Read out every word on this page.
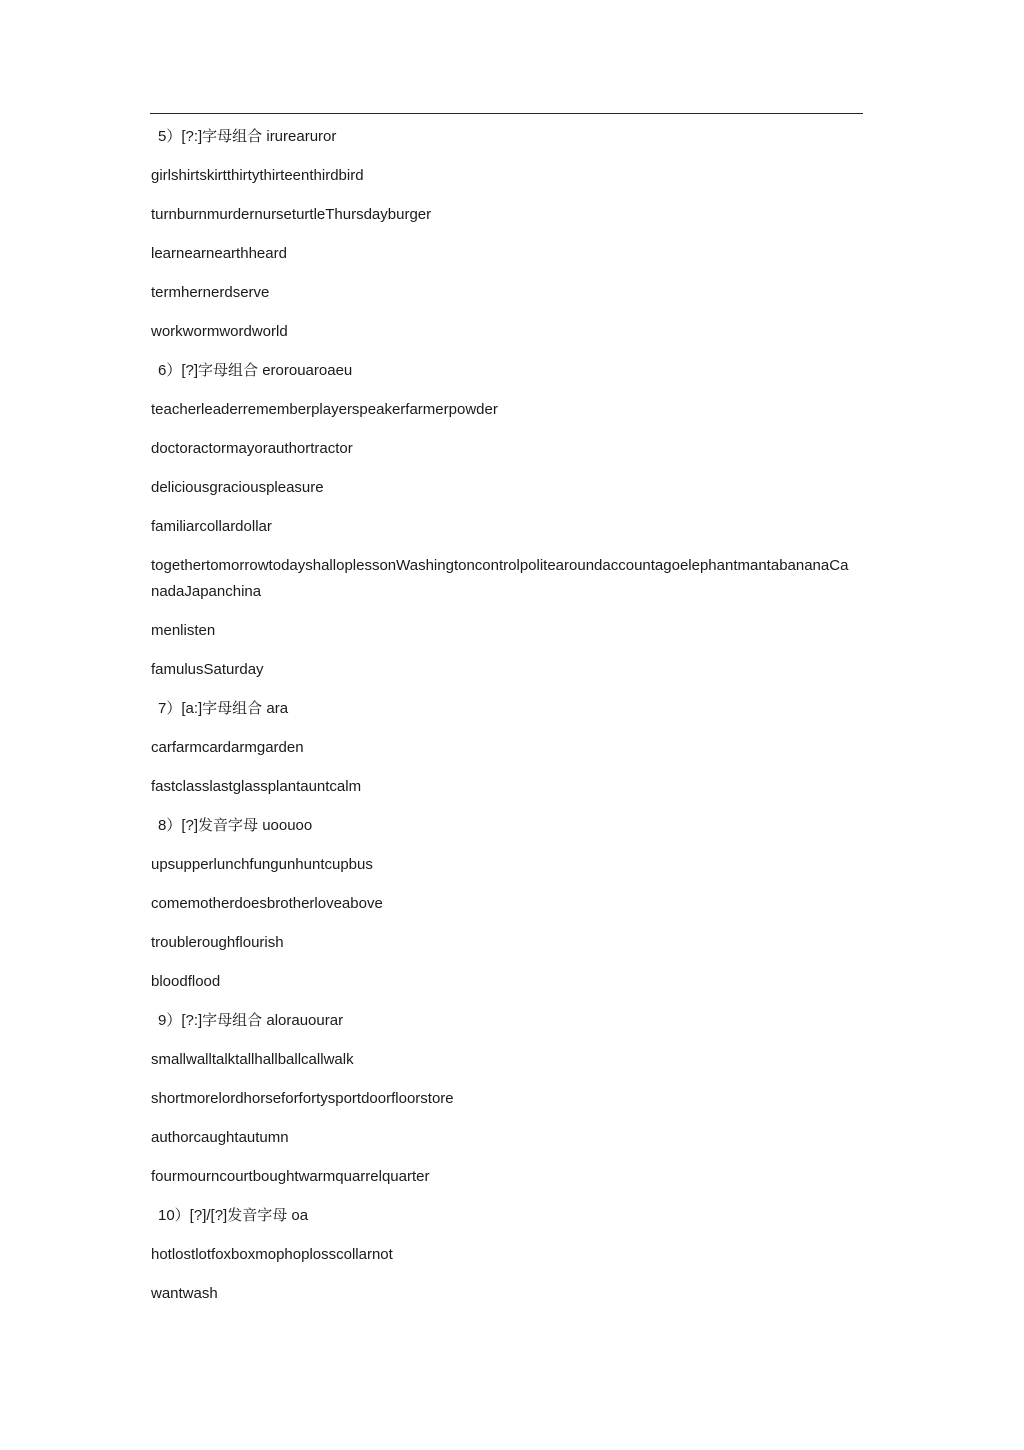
5）[?:]字母组合 irurearuror
girlshirtskirtthirtythirteenthirdbird
turnburnmurdernurseturtleThursdayburger
learnearnearthheard
termhernerdserve
workwormwordworld
6）[?]字母组合 erorouaroaeu
teacherleaderrememberplayerspeakerfarmerpowder
doctoractormayorauthortractor
deliciousgraciouspleasure
familiarcollardollar
togethertomorrowtodayshalloplessonWashingtoncontrolpolitearoundaccountagoelephantmantabananaCanadaJapanchina
menlisten
famulusSaturday
7）[a:]字母组合 ara
carfarmcardarmgarden
fastclasslastglassplantauntcalm
8）[?]发音字母 uoouoo
upsupperlunchfungunhuntcupbus
comemotherdoesbrotherloveabove
troubleroughflourish
bloodflood
9）[?:]字母组合 alorauourar
smallwalltalktallhallballcallwalk
shortmorelordhorseforfortysportdoorfloorstore
authorcaughtautumn
fourmourncourtboughtwarmquarrelquarter
10）[?]/[?]发音字母 oa
hotlostlotfoxboxmophoplosscollarnot
wantwash
